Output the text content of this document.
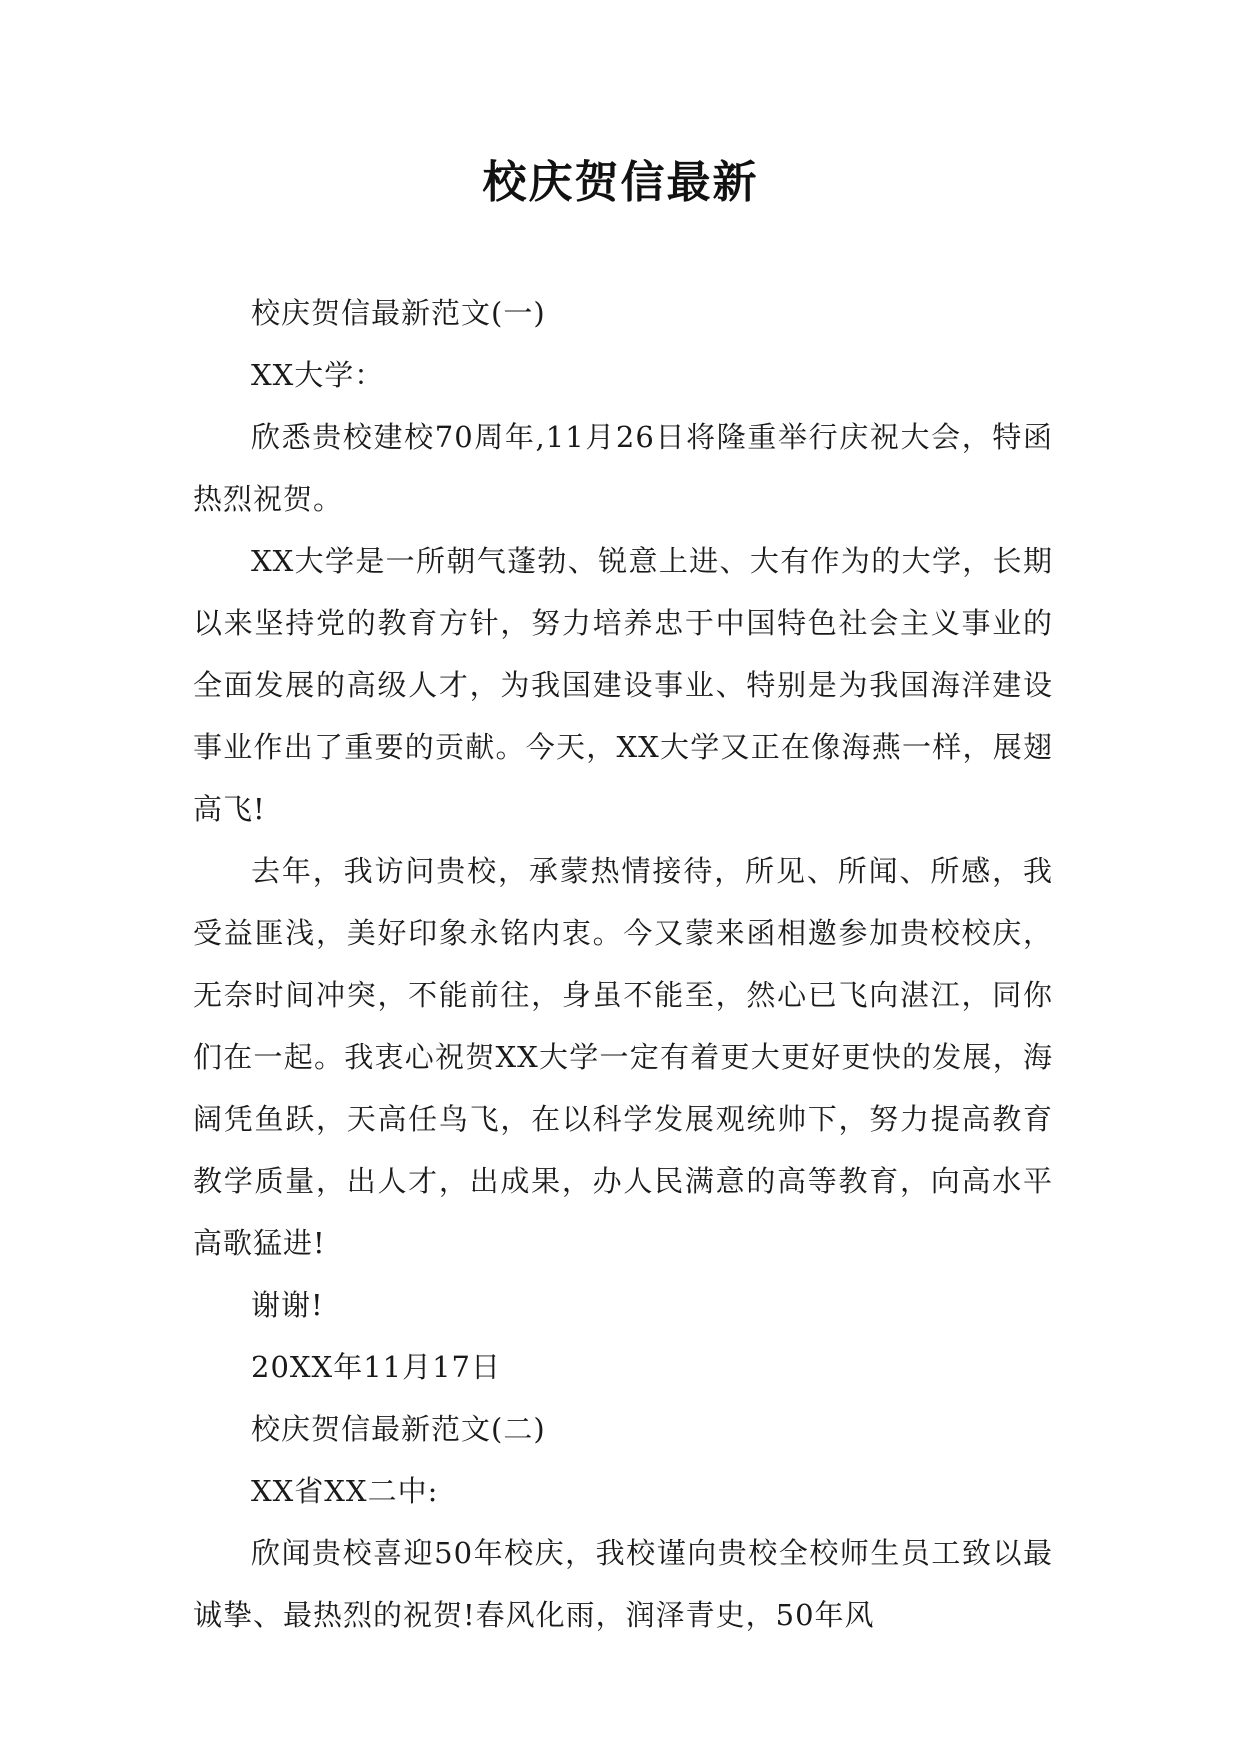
校庆贺信最新

校庆贺信最新范文(一)

XX大学：

欣悉贵校建校70周年,11月26日将隆重举行庆祝大会，特函热烈祝贺。

XX大学是一所朝气蓬勃、锐意上进、大有作为的大学，长期以来坚持党的教育方针，努力培养忠于中国特色社会主义事业的全面发展的高级人才，为我国建设事业、特别是为我国海洋建设事业作出了重要的贡献。今天，XX大学又正在像海燕一样，展翅高飞!

去年，我访问贵校，承蒙热情接待，所见、所闻、所感，我受益匪浅，美好印象永铭内衷。今又蒙来函相邀参加贵校校庆，无奈时间冲突，不能前往，身虽不能至，然心已飞向湛江，同你们在一起。我衷心祝贺XX大学一定有着更大更好更快的发展，海阔凭鱼跃，天高任鸟飞，在以科学发展观统帅下，努力提高教育教学质量，出人才，出成果，办人民满意的高等教育，向高水平高歌猛进!

谢谢!

20XX年11月17日

校庆贺信最新范文(二)

XX省XX二中:

欣闻贵校喜迎50年校庆，我校谨向贵校全校师生员工致以最诚挚、最热烈的祝贺!春风化雨，润泽青史，50年风
